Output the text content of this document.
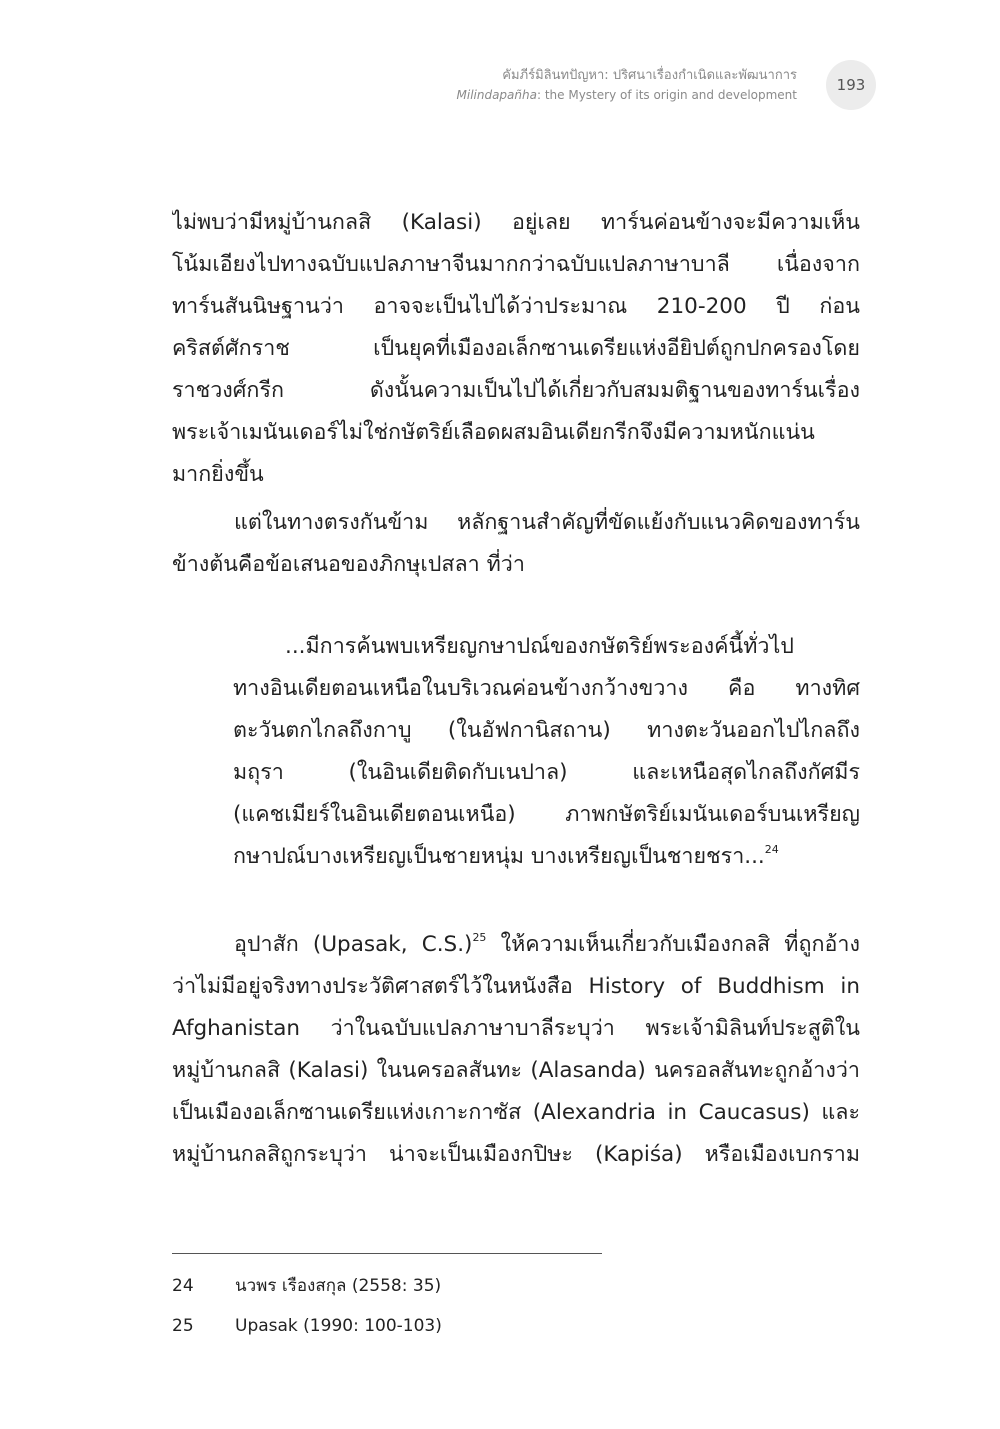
คัมภีร์มิลินทปัญหา: ปริศนาเรื่องกำเนิดและพัฒนาการ
Milindapañha: the Mystery of its origin and development
193
ไม่พบว่ามีหมู่บ้านกลสิ (Kalasi) อยู่เลย ทาร์นค่อนข้างจะมีความเห็น
โน้มเอียงไปทางฉบับแปลภาษาจีนมากกว่าฉบับแปลภาษาบาลี เนื่องจาก
ทาร์นสันนิษฐานว่า อาจจะเป็นไปได้ว่าประมาณ 210-200 ปี ก่อน
คริสต์ศักราช เป็นยุคที่เมืองอเล็กซานเดรียแห่งอียิปต์ถูกปกครองโดย
ราชวงศ์กรีก ดังนั้นความเป็นไปได้เกี่ยวกับสมมติฐานของทาร์นเรื่อง
พระเจ้าเมนันเดอร์ไม่ใช่กษัตริย์เลือดผสมอินเดียกรีกจึงมีความหนักแน่น
มากยิ่งขึ้น
แต่ในทางตรงกันข้าม หลักฐานสำคัญที่ขัดแย้งกับแนวคิดของทาร์น
ข้างต้นคือข้อเสนอของภิกษุเปสลา ที่ว่า
...มีการค้นพบเหรียญกษาปณ์ของกษัตริย์พระองค์นี้ทั่วไป
ทางอินเดียตอนเหนือในบริเวณค่อนข้างกว้างขวาง คือ ทางทิศ
ตะวันตกไกลถึงกาบู (ในอัฟกานิสถาน) ทางตะวันออกไปไกลถึง
มถุรา (ในอินเดียติดกับเนปาล) และเหนือสุดไกลถึงกัศมีร
(แคชเมียร์ในอินเดียตอนเหนือ) ภาพกษัตริย์เมนันเดอร์บนเหรียญ
กษาปณ์บางเหรียญเป็นชายหนุ่ม บางเหรียญเป็นชายชรา...$^{24}$
อุปาสัก (Upasak, C.S.)$^{25}$ ให้ความเห็นเกี่ยวกับเมืองกลสิ ที่ถูกอ้าง
ว่าไม่มีอยู่จริงทางประวัติศาสตร์ไว้ในหนังสือ History of Buddhism in
Afghanistan ว่าในฉบับแปลภาษาบาลีระบุว่า พระเจ้ามิลินท์ประสูติใน
หมู่บ้านกลสิ (Kalasi) ในนครอลสันทะ (Alasanda) นครอลสันทะถูกอ้างว่า
เป็นเมืองอเล็กซานเดรียแห่งเกาะกาซัส (Alexandria in Caucasus) และ
หมู่บ้านกลสิถูกระบุว่า น่าจะเป็นเมืองกปิษะ (Kapiśa) หรือเมืองเบกราม
24 นวพร เรืองสกุล (2558: 35)
25 Upasak (1990: 100-103)
